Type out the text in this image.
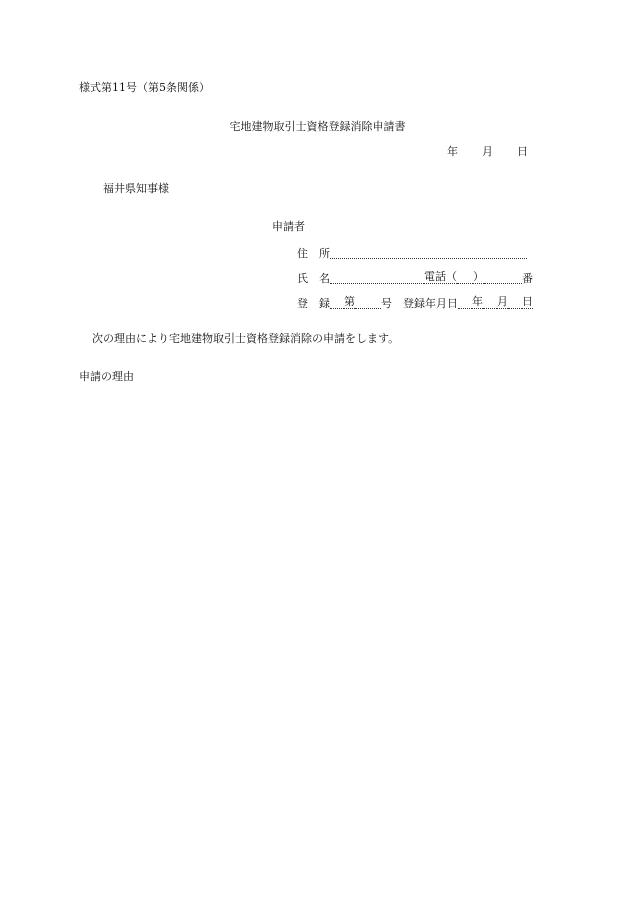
様式第11号（第5条関係）
宅地建物取引士資格登録消除申請書
年 月 日
福井県知事様
申請者
住 所
氏 名	電話（ ）	番
登 録 第 号 登録年月日 年 月 日
次の理由により宅地建物取引士資格登録消除の申請をします。
申請の理由
